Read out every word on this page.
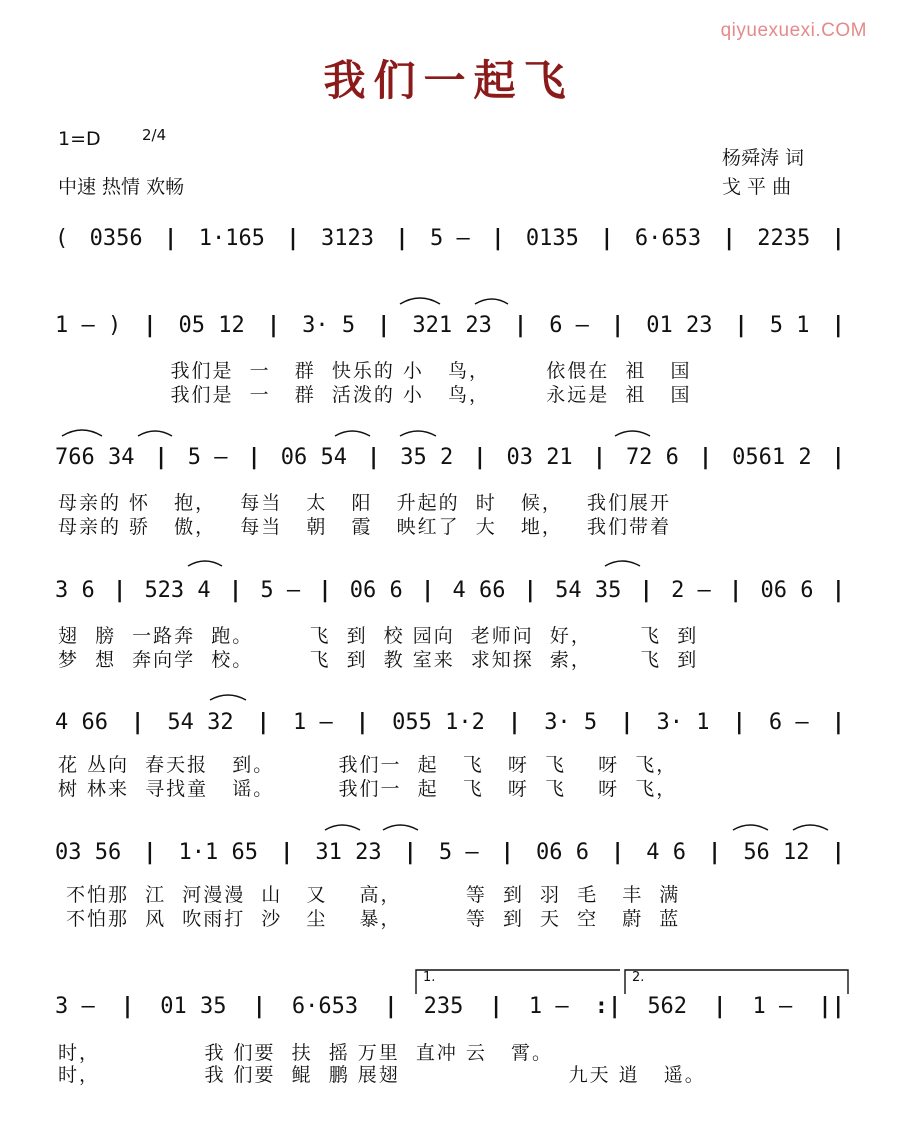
qiyuexuexi.COM
我们一起飞
1=D	2/4
中速 热情 欢畅
杨舜涛 词
戈 平 曲
( 0356 | 1·165 | 3123 | 5 – | 0135 | 6·653 | 2235 |
1 – ) | 05 12 | 3· 5 | 321 23 | 6 – | 01 23 | 5 1 |
我们是  一   群  快乐的 小   鸟，       依偎在  祖   国
我们是  一   群  活泼的 小   鸟，       永远是  祖   国
766 34 | 5 – | 06 54 | 35 2 | 03 21 | 72 6 | 0561 2 |
母亲的 怀   抱，   每当   太   阳   升起的  时   候，   我们展开
母亲的 骄   傲，   每当   朝   霞   映红了  大   地，   我们带着
3 6 | 523 4 | 5 – | 06 6 | 4 66 | 54 35 | 2 – | 06 6 |
翅  膀  一路奔  跑。       飞  到  校 园向  老师问  好，      飞  到
梦  想  奔向学  校。       飞  到  教 室来  求知探  索，      飞  到
4 66 | 54 32 | 1 – | 055 1·2 | 3· 5 | 3· 1 | 6 – |
花 丛向  春天报   到。        我们一  起   飞   呀  飞    呀  飞，
树 林来  寻找童   谣。        我们一  起   飞   呀  飞    呀  飞，
03 56 | 1·1 65 | 31 23 | 5 – | 06 6 | 4 6 | 56 12 |
不怕那  江  河漫漫  山   又    高，        等  到  羽  毛   丰  满
不怕那  风  吹雨打  沙   尘    暴，        等  到  天  空   蔚  蓝
1.	2.
3 – | 01 35 | 6·653 | 235 | 1 – :| 562 | 1 – ||
时，             我 们要  扶  摇 万里  直冲 云   霄。
时，             我 们要  鲲  鹏 展翅                     九天 逍   遥。
